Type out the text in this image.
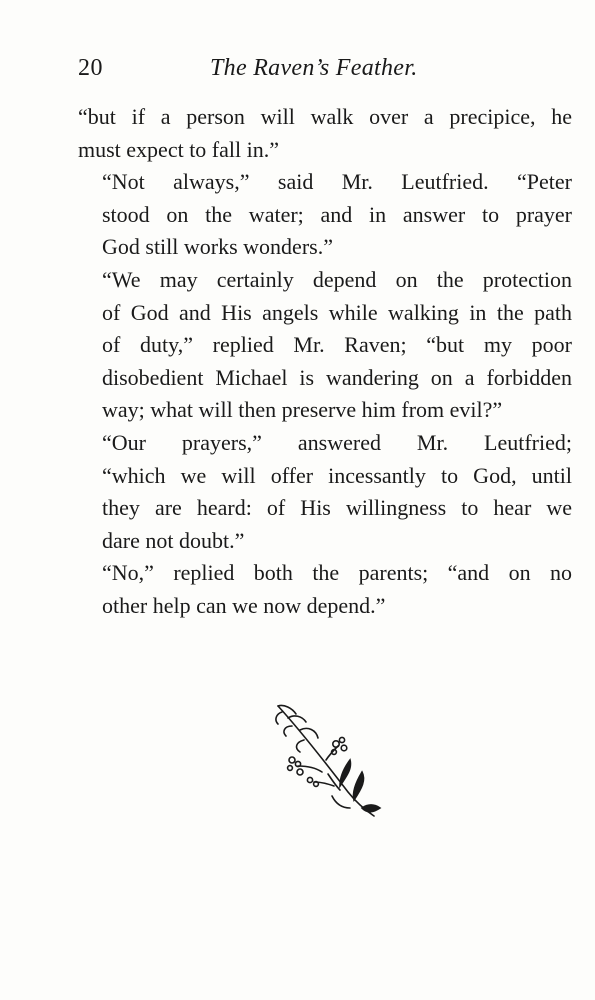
20	The Raven’s Feather.

“but if a person will walk over a precipice, he
must expect to fall in.”

“Not always,” said Mr. Leutfried. “Peter
stood on the water; and in answer to prayer
God still works wonders.”

“We may certainly depend on the protection
of God and His angels while walking in the path
of duty,” replied Mr. Raven; “but my poor
disobedient Michael is wandering on a forbidden
way; what will then preserve him from evil?”

“Our prayers,” answered Mr. Leutfried;
“which we will offer incessantly to God, until
they are heard: of His willingness to hear we
dare not doubt.”

“No,” replied both the parents; “and on no
other help can we now depend.”
